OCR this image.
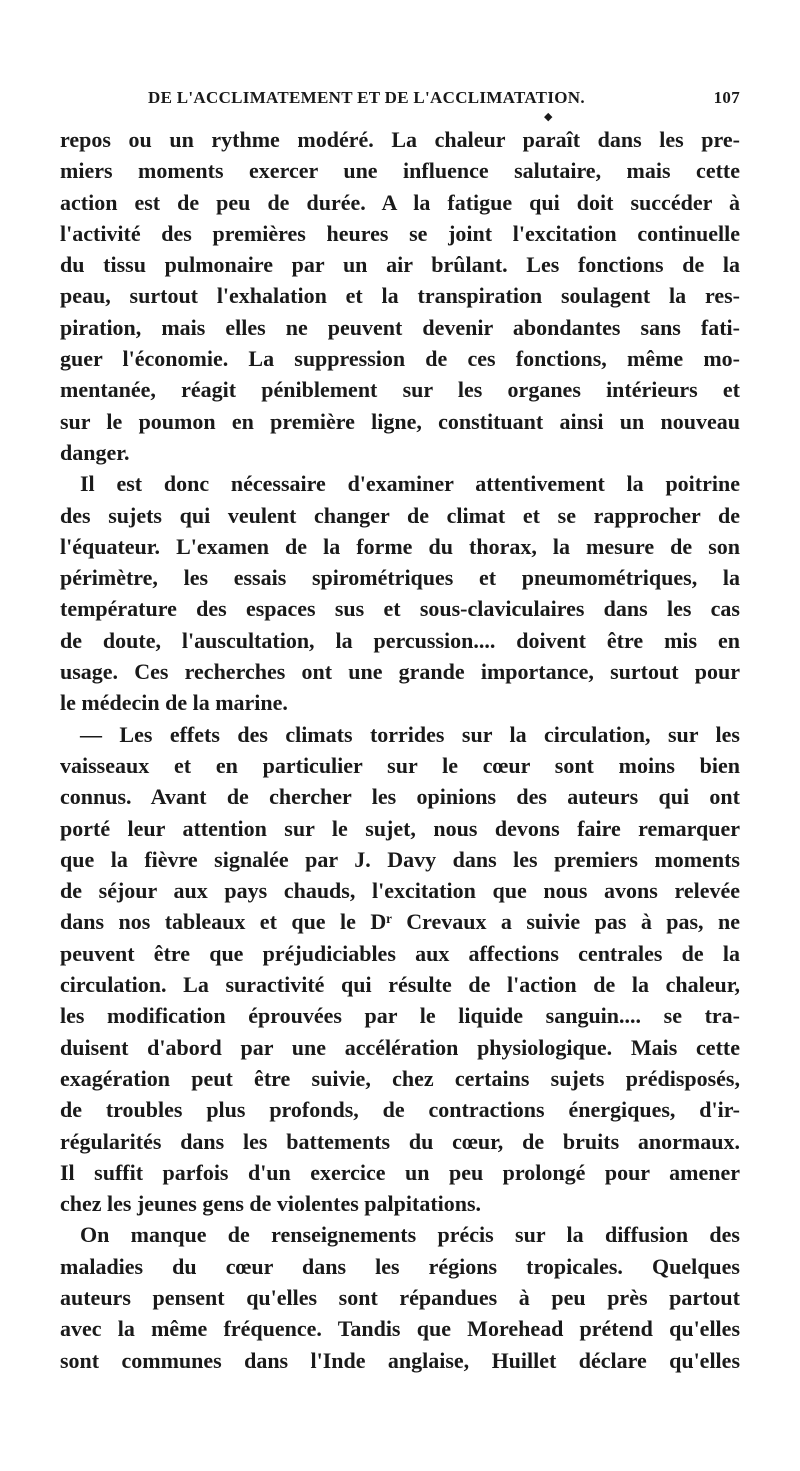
DE L'ACCLIMATEMENT ET DE L'ACCLIMATATION.	107
◆
repos ou un rythme modéré. La chaleur paraît dans les pre-
miers moments exercer une influence salutaire, mais cette
action est de peu de durée. A la fatigue qui doit succéder à
l'activité des premières heures se joint l'excitation continuelle
du tissu pulmonaire par un air brûlant. Les fonctions de la
peau, surtout l'exhalation et la transpiration soulagent la res-
piration, mais elles ne peuvent devenir abondantes sans fati-
guer l'économie. La suppression de ces fonctions, même mo-
mentanée, réagit péniblement sur les organes intérieurs et
sur le poumon en première ligne, constituant ainsi un nouveau
danger.
Il est donc nécessaire d'examiner attentivement la poitrine
des sujets qui veulent changer de climat et se rapprocher de
l'équateur. L'examen de la forme du thorax, la mesure de son
périmètre, les essais spirométriques et pneumométriques, la
température des espaces sus et sous-claviculaires dans les cas
de doute, l'auscultation, la percussion.... doivent être mis en
usage. Ces recherches ont une grande importance, surtout pour
le médecin de la marine.
— Les effets des climats torrides sur la circulation, sur les
vaisseaux et en particulier sur le cœur sont moins bien
connus. Avant de chercher les opinions des auteurs qui ont
porté leur attention sur le sujet, nous devons faire remarquer
que la fièvre signalée par J. Davy dans les premiers moments
de séjour aux pays chauds, l'excitation que nous avons relevée
dans nos tableaux et que le Dʳ Crevaux a suivie pas à pas, ne
peuvent être que préjudiciables aux affections centrales de la
circulation. La suractivité qui résulte de l'action de la chaleur,
les modification éprouvées par le liquide sanguin.... se tra-
duisent d'abord par une accélération physiologique. Mais cette
exagération peut être suivie, chez certains sujets prédisposés,
de troubles plus profonds, de contractions énergiques, d'ir-
régularités dans les battements du cœur, de bruits anormaux.
Il suffit parfois d'un exercice un peu prolongé pour amener
chez les jeunes gens de violentes palpitations.
On manque de renseignements précis sur la diffusion des
maladies du cœur dans les régions tropicales. Quelques
auteurs pensent qu'elles sont répandues à peu près partout
avec la même fréquence. Tandis que Morehead prétend qu'elles
sont communes dans l'Inde anglaise, Huillet déclare qu'elles
